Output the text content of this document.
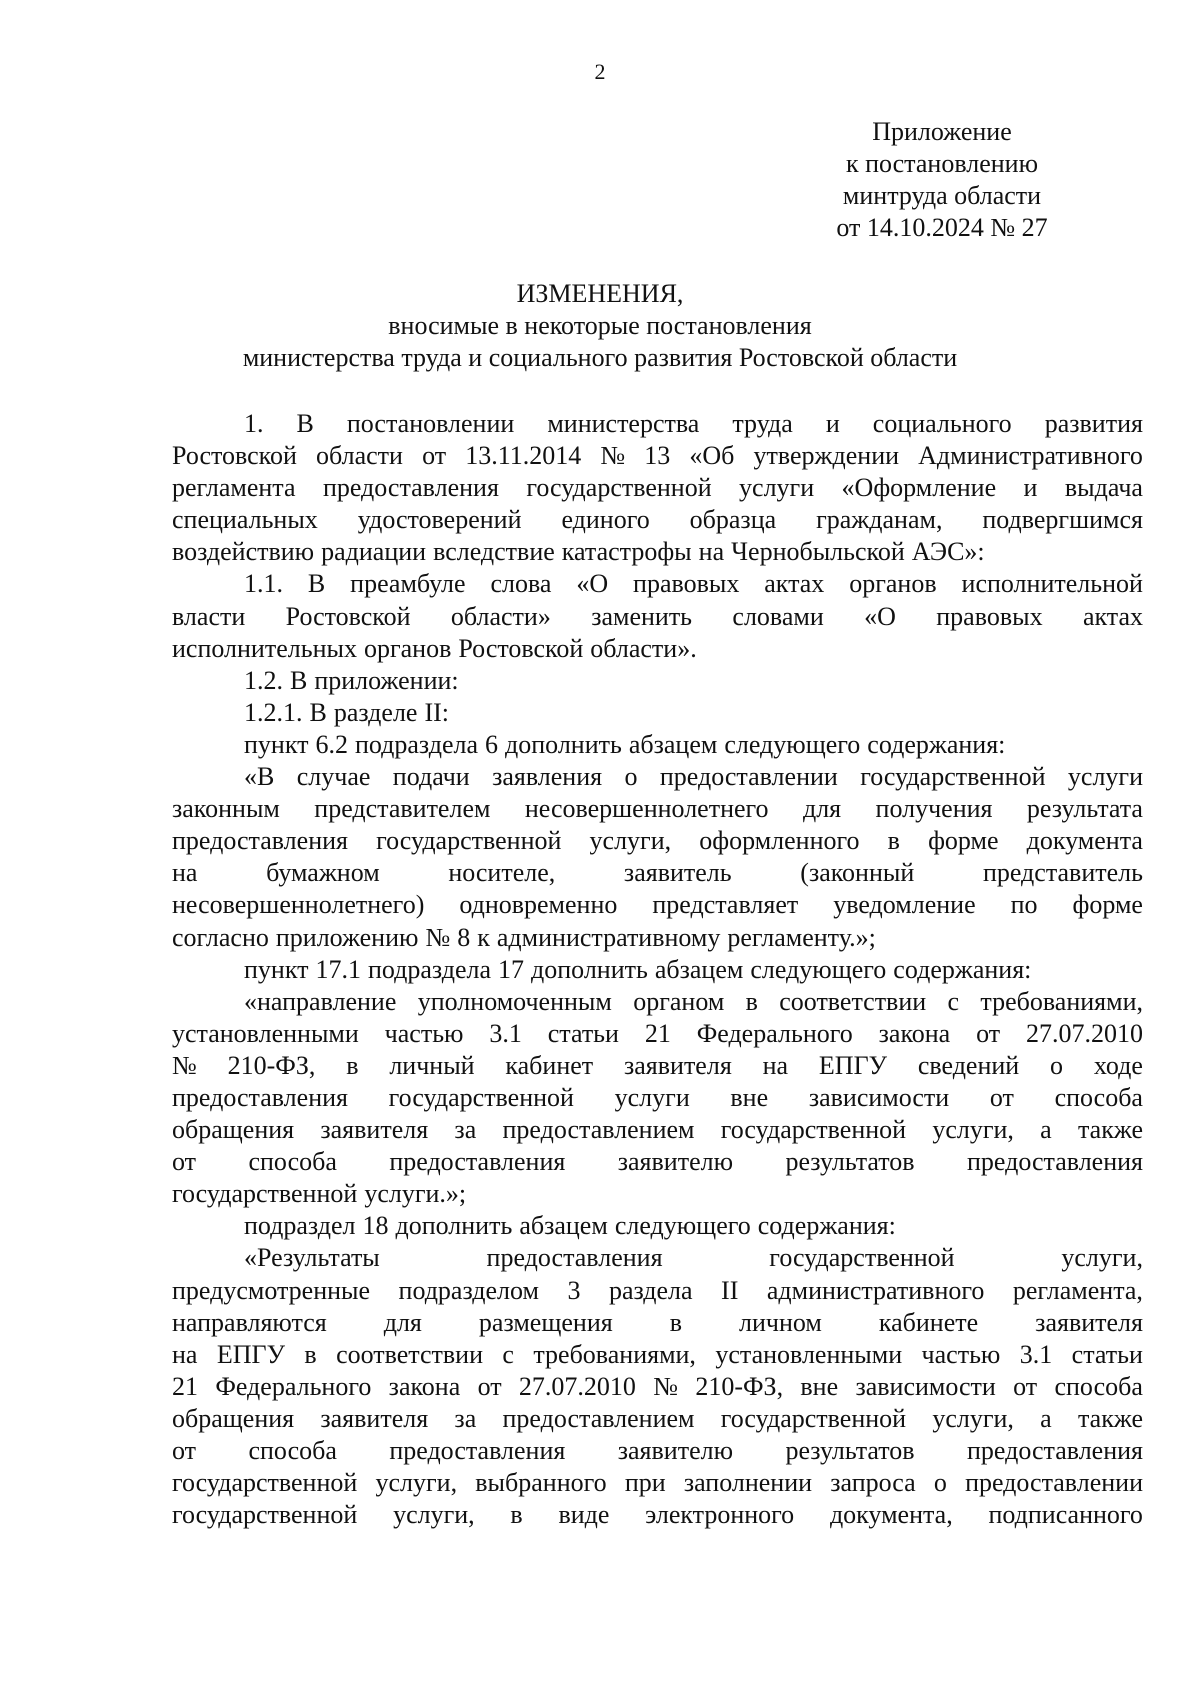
2
Приложение
к постановлению
минтруда области
от 14.10.2024 № 27
ИЗМЕНЕНИЯ,
вносимые в некоторые постановления
министерства труда и социального развития Ростовской области
1. В постановлении министерства труда и социального развития
Ростовской области от 13.11.2014 № 13 «Об утверждении Административного
регламента предоставления государственной услуги «Оформление и выдача
специальных удостоверений единого образца гражданам, подвергшимся
воздействию радиации вследствие катастрофы на Чернобыльской АЭС»:
1.1. В преамбуле слова «О правовых актах органов исполнительной
власти Ростовской области» заменить словами «О правовых актах
исполнительных органов Ростовской области».
1.2. В приложении:
1.2.1. В разделе II:
пункт 6.2 подраздела 6 дополнить абзацем следующего содержания:
«В случае подачи заявления о предоставлении государственной услуги
законным представителем несовершеннолетнего для получения результата
предоставления государственной услуги, оформленного в форме документа
на	бумажном	носителе,	заявитель	(законный	представитель
несовершеннолетнего) одновременно представляет уведомление по форме
согласно приложению № 8 к административному регламенту.»;
пункт 17.1 подраздела 17 дополнить абзацем следующего содержания:
«направление уполномоченным органом в соответствии с требованиями,
установленными частью 3.1 статьи 21 Федерального закона от 27.07.2010
№ 210-ФЗ, в личный кабинет заявителя на ЕПГУ сведений о ходе
предоставления государственной услуги вне зависимости от способа
обращения заявителя за предоставлением государственной услуги, а также
от способа предоставления заявителю результатов предоставления
государственной услуги.»;
подраздел 18 дополнить абзацем следующего содержания:
«Результаты	предоставления	государственной	услуги,
предусмотренные подразделом 3 раздела II административного регламента,
направляются для размещения в личном кабинете заявителя
на ЕПГУ в соответствии с требованиями, установленными частью 3.1 статьи
21 Федерального закона от 27.07.2010 № 210-ФЗ, вне зависимости от способа
обращения заявителя за предоставлением государственной услуги, а также
от способа предоставления заявителю результатов предоставления
государственной услуги, выбранного при заполнении запроса о предоставлении
государственной услуги, в виде электронного документа, подписанного
